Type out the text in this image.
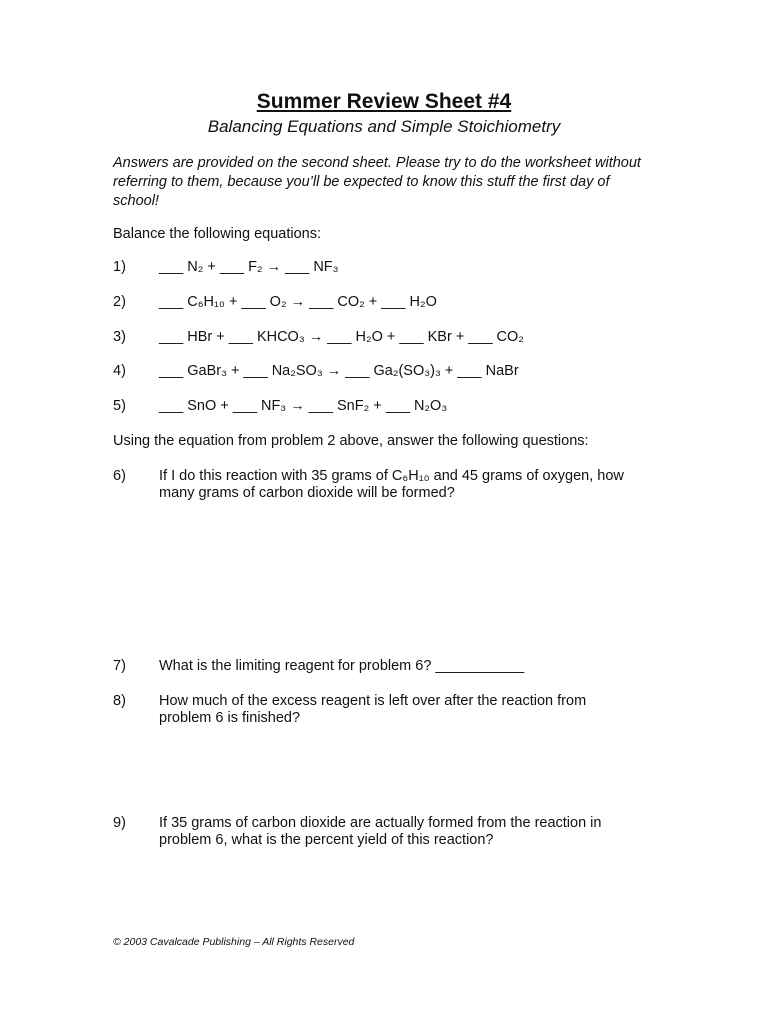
Summer Review Sheet #4
Balancing Equations and Simple Stoichiometry
Answers are provided on the second sheet. Please try to do the worksheet without referring to them, because you’ll be expected to know this stuff the first day of school!
Balance the following equations:
1) ___ N₂ + ___ F₂ → ___ NF₃
2) ___ C₆H₁₀ + ___ O₂ → ___ CO₂ + ___ H₂O
3) ___ HBr + ___ KHCO₃ → ___ H₂O + ___ KBr + ___ CO₂
4) ___ GaBr₃ + ___ Na₂SO₃ → ___ Ga₂(SO₃)₃ + ___ NaBr
5) ___ SnO + ___ NF₃ → ___ SnF₂ + ___ N₂O₃
Using the equation from problem 2 above, answer the following questions:
6) If I do this reaction with 35 grams of C₆H₁₀ and 45 grams of oxygen, how many grams of carbon dioxide will be formed?
7) What is the limiting reagent for problem 6? ___________
8) How much of the excess reagent is left over after the reaction from problem 6 is finished?
9) If 35 grams of carbon dioxide are actually formed from the reaction in problem 6, what is the percent yield of this reaction?
© 2003 Cavalcade Publishing – All Rights Reserved
